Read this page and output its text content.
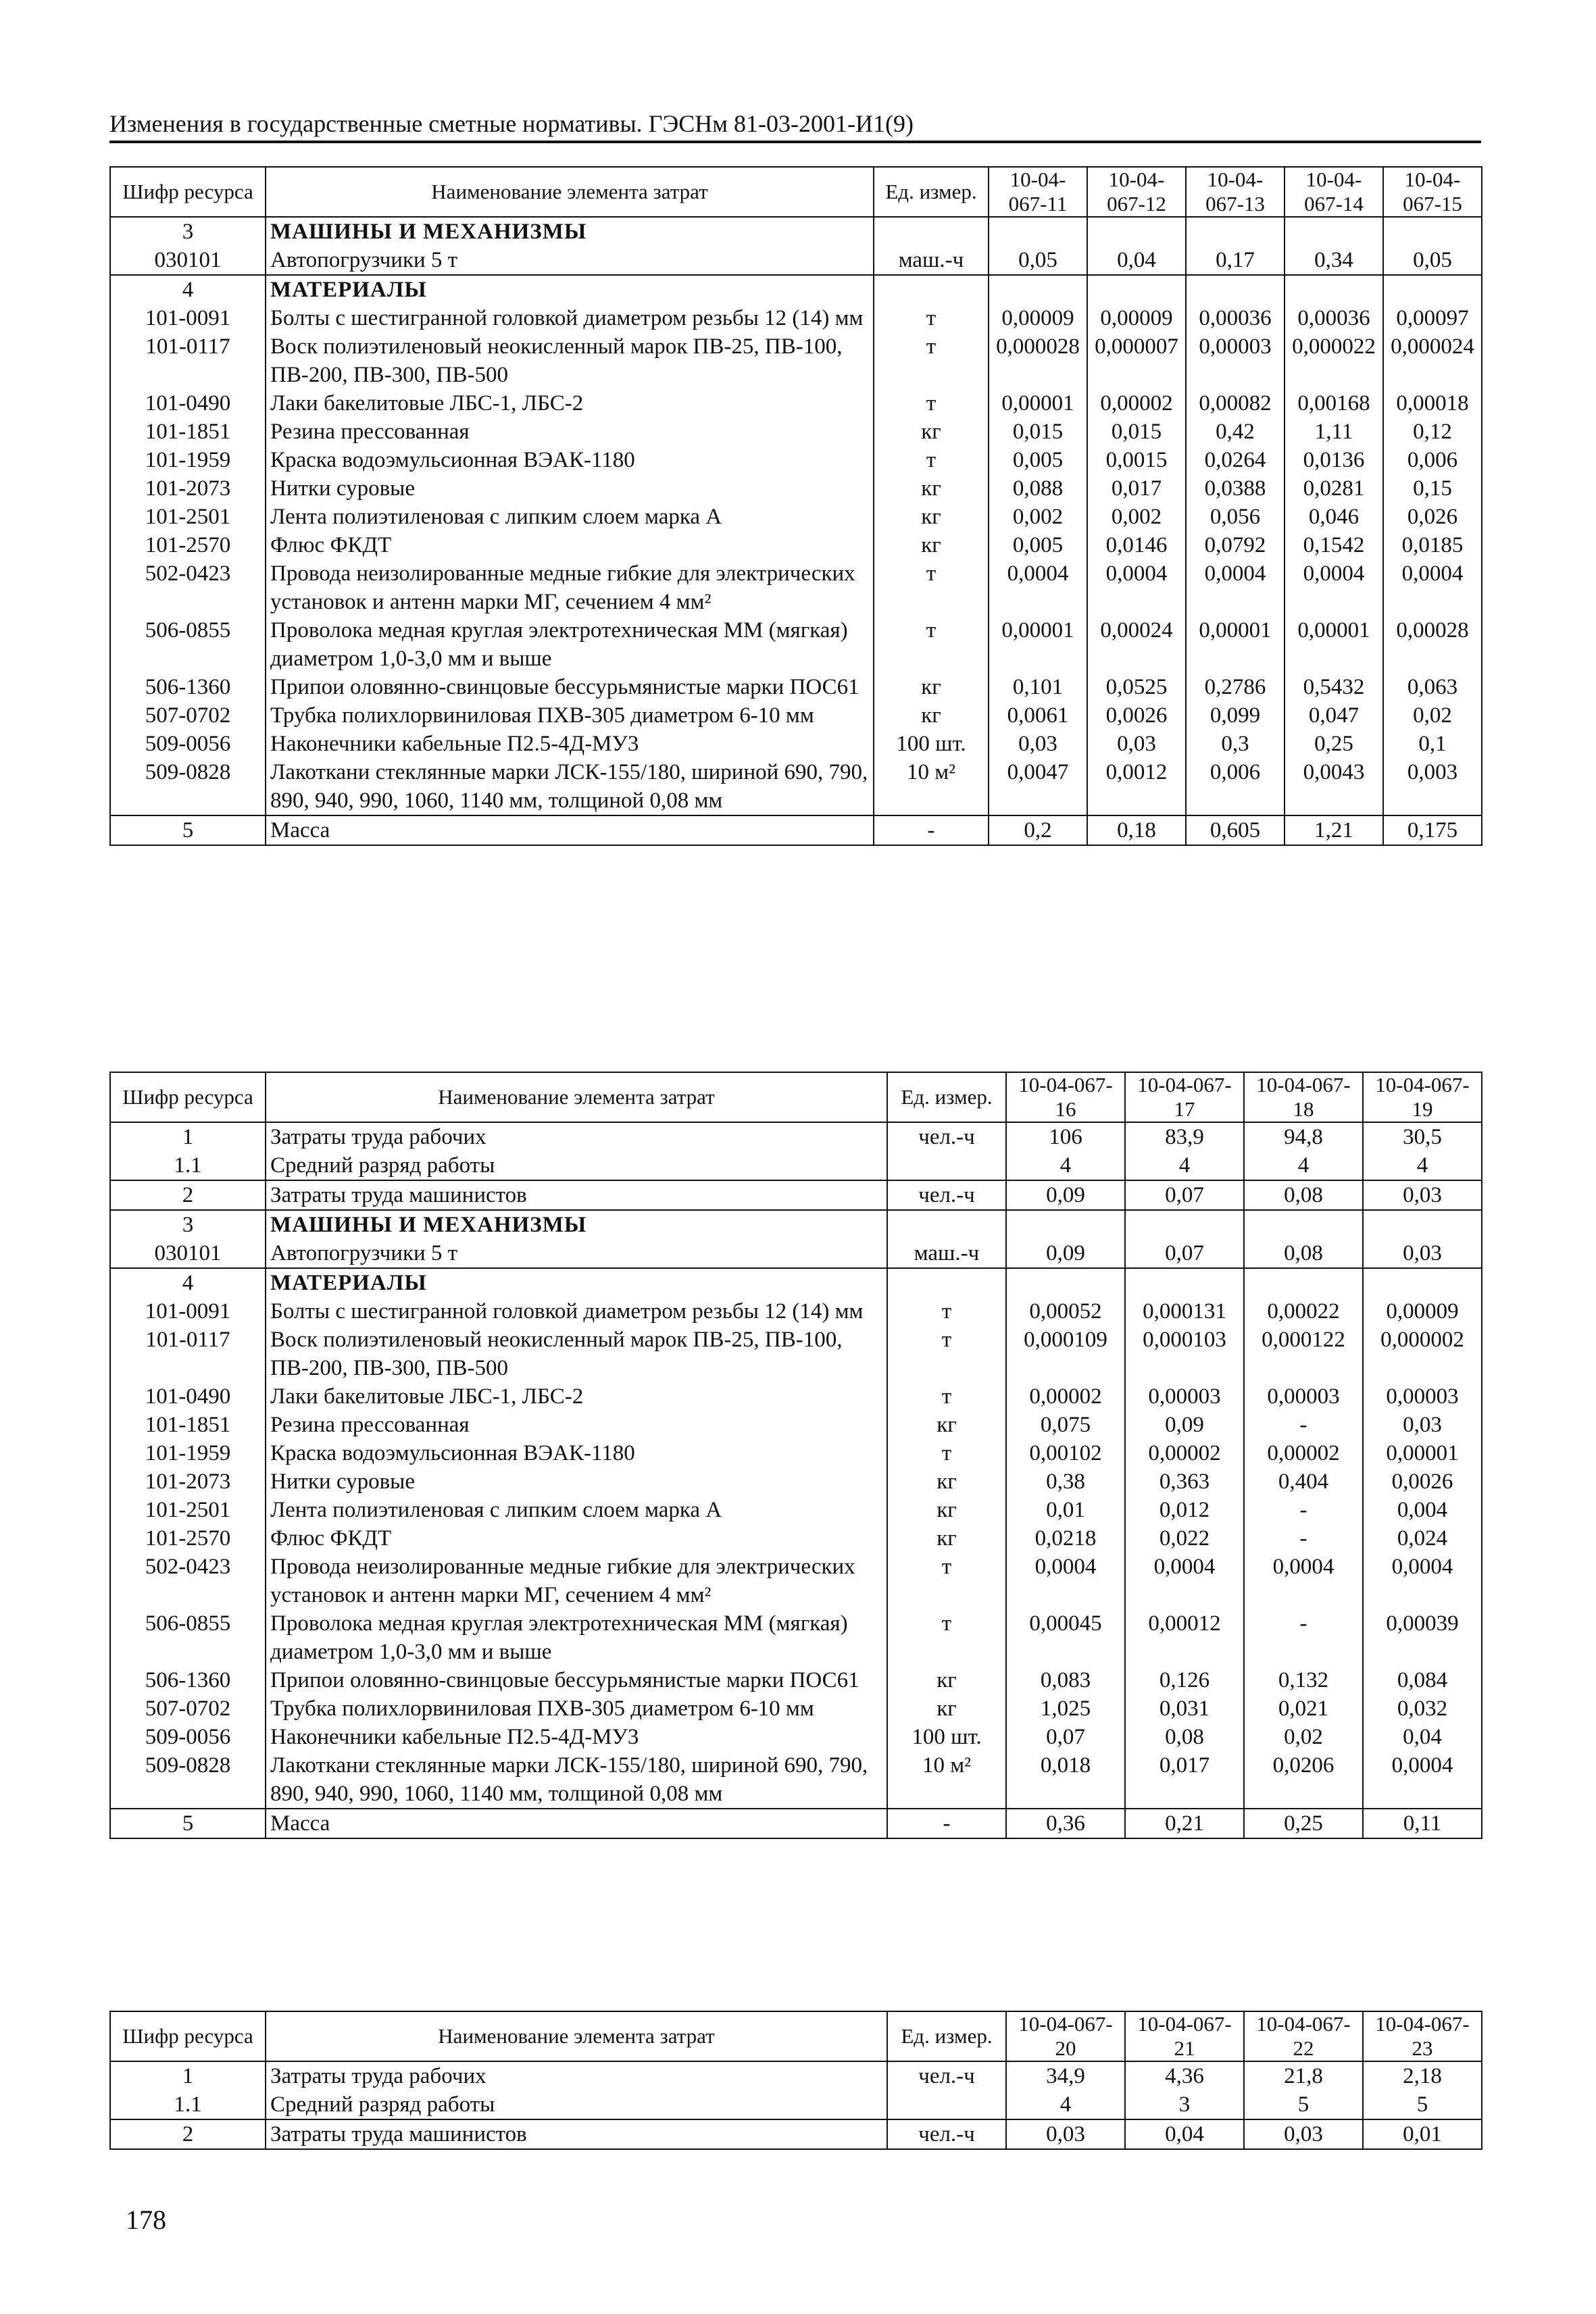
Изменения в государственные сметные нормативы. ГЭСНм 81-03-2001-И1(9)
Шифр ресурса	Наименование элемента затрат	Ед. измер.	10-04-067-11	10-04-067-12	10-04-067-13	10-04-067-14	10-04-067-15
3	МАШИНЫ И МЕХАНИЗМЫ						
030101	Автопогрузчики 5 т	маш.-ч	0,05	0,04	0,17	0,34	0,05
4	МАТЕРИАЛЫ						
101-0091	Болты с шестигранной головкой диаметром резьбы 12 (14) мм	т	0,00009	0,00009	0,00036	0,00036	0,00097
101-0117	Воск полиэтиленовый неокисленный марок ПВ-25, ПВ-100, ПВ-200, ПВ-300, ПВ-500	т	0,000028	0,000007	0,00003	0,000022	0,000024
101-0490	Лаки бакелитовые ЛБС-1, ЛБС-2	т	0,00001	0,00002	0,00082	0,00168	0,00018
101-1851	Резина прессованная	кг	0,015	0,015	0,42	1,11	0,12
101-1959	Краска водоэмульсионная ВЭАК-1180	т	0,005	0,0015	0,0264	0,0136	0,006
101-2073	Нитки суровые	кг	0,088	0,017	0,0388	0,0281	0,15
101-2501	Лента полиэтиленовая с липким слоем марка А	кг	0,002	0,002	0,056	0,046	0,026
101-2570	Флюс ФКДТ	кг	0,005	0,0146	0,0792	0,1542	0,0185
502-0423	Провода неизолированные медные гибкие для электрических установок и антенн марки МГ, сечением 4 мм²	т	0,0004	0,0004	0,0004	0,0004	0,0004
506-0855	Проволока медная круглая электротехническая ММ (мягкая) диаметром 1,0-3,0 мм и выше	т	0,00001	0,00024	0,00001	0,00001	0,00028
506-1360	Припои оловянно-свинцовые бессурьмянистые марки ПОС61	кг	0,101	0,0525	0,2786	0,5432	0,063
507-0702	Трубка полихлорвиниловая ПХВ-305 диаметром 6-10 мм	кг	0,0061	0,0026	0,099	0,047	0,02
509-0056	Наконечники кабельные П2.5-4Д-МУ3	100 шт.	0,03	0,03	0,3	0,25	0,1
509-0828	Лакоткани стеклянные марки ЛСК-155/180, шириной 690, 790, 890, 940, 990, 1060, 1140 мм, толщиной 0,08 мм	10 м²	0,0047	0,0012	0,006	0,0043	0,003
5	Масса	-	0,2	0,18	0,605	1,21	0,175
Шифр ресурса	Наименование элемента затрат	Ед. измер.	10-04-067-16	10-04-067-17	10-04-067-18	10-04-067-19
1	Затраты труда рабочих	чел.-ч	106	83,9	94,8	30,5
1.1	Средний разряд работы		4	4	4	4
2	Затраты труда машинистов	чел.-ч	0,09	0,07	0,08	0,03
3	МАШИНЫ И МЕХАНИЗМЫ					
030101	Автопогрузчики 5 т	маш.-ч	0,09	0,07	0,08	0,03
4	МАТЕРИАЛЫ					
101-0091	Болты с шестигранной головкой диаметром резьбы 12 (14) мм	т	0,00052	0,000131	0,00022	0,00009
101-0117	Воск полиэтиленовый неокисленный марок ПВ-25, ПВ-100, ПВ-200, ПВ-300, ПВ-500	т	0,000109	0,000103	0,000122	0,000002
101-0490	Лаки бакелитовые ЛБС-1, ЛБС-2	т	0,00002	0,00003	0,00003	0,00003
101-1851	Резина прессованная	кг	0,075	0,09	-	0,03
101-1959	Краска водоэмульсионная ВЭАК-1180	т	0,00102	0,00002	0,00002	0,00001
101-2073	Нитки суровые	кг	0,38	0,363	0,404	0,0026
101-2501	Лента полиэтиленовая с липким слоем марка А	кг	0,01	0,012	-	0,004
101-2570	Флюс ФКДТ	кг	0,0218	0,022	-	0,024
502-0423	Провода неизолированные медные гибкие для электрических установок и антенн марки МГ, сечением 4 мм²	т	0,0004	0,0004	0,0004	0,0004
506-0855	Проволока медная круглая электротехническая ММ (мягкая) диаметром 1,0-3,0 мм и выше	т	0,00045	0,00012	-	0,00039
506-1360	Припои оловянно-свинцовые бессурьмянистые марки ПОС61	кг	0,083	0,126	0,132	0,084
507-0702	Трубка полихлорвиниловая ПХВ-305 диаметром 6-10 мм	кг	1,025	0,031	0,021	0,032
509-0056	Наконечники кабельные П2.5-4Д-МУ3	100 шт.	0,07	0,08	0,02	0,04
509-0828	Лакоткани стеклянные марки ЛСК-155/180, шириной 690, 790, 890, 940, 990, 1060, 1140 мм, толщиной 0,08 мм	10 м²	0,018	0,017	0,0206	0,0004
5	Масса	-	0,36	0,21	0,25	0,11
Шифр ресурса	Наименование элемента затрат	Ед. измер.	10-04-067-20	10-04-067-21	10-04-067-22	10-04-067-23
1	Затраты труда рабочих	чел.-ч	34,9	4,36	21,8	2,18
1.1	Средний разряд работы		4	3	5	5
2	Затраты труда машинистов	чел.-ч	0,03	0,04	0,03	0,01
178
